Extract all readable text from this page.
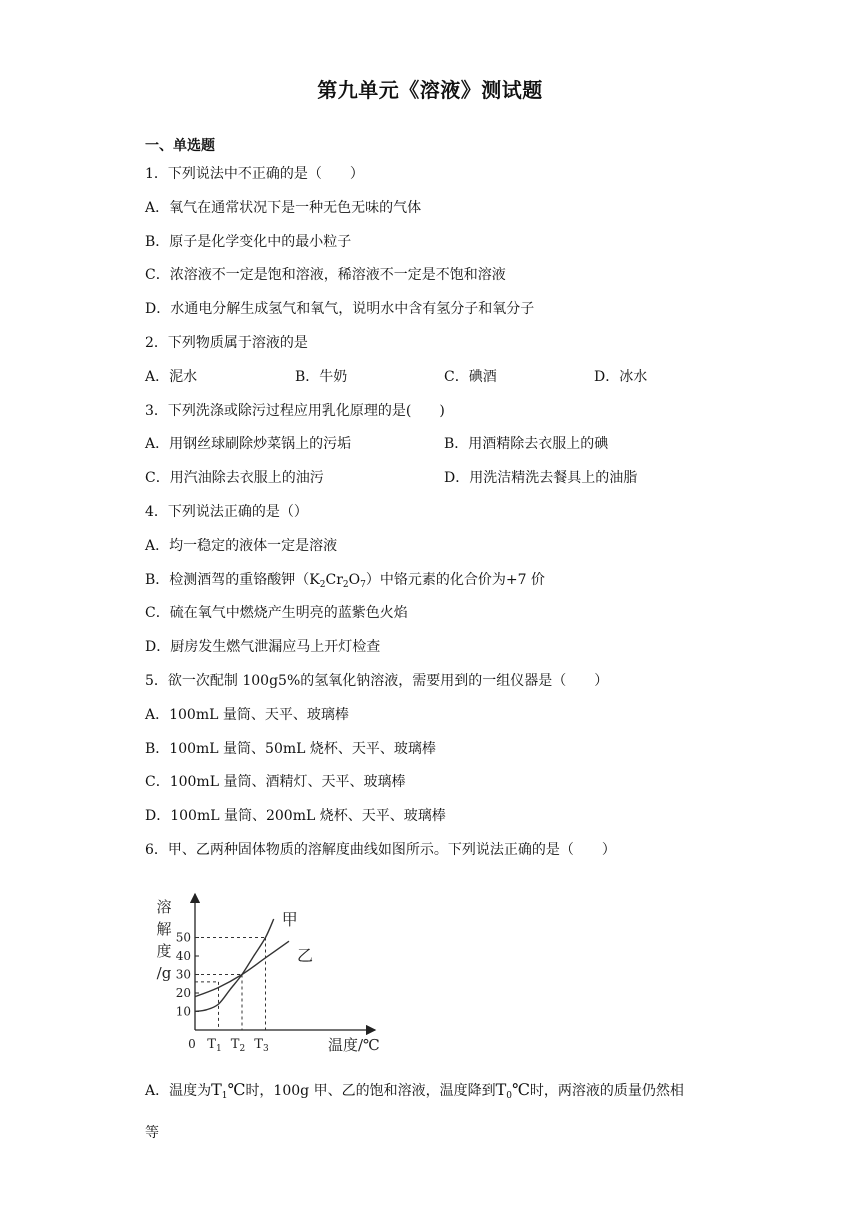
第九单元《溶液》测试题
一、单选题
1．下列说法中不正确的是（　　）
A．氧气在通常状况下是一种无色无味的气体
B．原子是化学变化中的最小粒子
C．浓溶液不一定是饱和溶液，稀溶液不一定是不饱和溶液
D．水通电分解生成氢气和氧气，说明水中含有氢分子和氧分子
2．下列物质属于溶液的是
A．泥水	B．牛奶	C．碘酒	D．冰水
3．下列洗涤或除污过程应用乳化原理的是(　　)
A．用钢丝球刷除炒菜锅上的污垢	B．用酒精除去衣服上的碘
C．用汽油除去衣服上的油污	D．用洗洁精洗去餐具上的油脂
4．下列说法正确的是（）
A．均一稳定的液体一定是溶液
B．检测酒驾的重铬酸钾$(K_2Cr_2O_7)$中铬元素的化合价为+7 价
C．硫在氧气中燃烧产生明亮的蓝紫色火焰
D．厨房发生燃气泄漏应马上开灯检查
5．欲一次配制 100g5%的氢氧化钠溶液，需要用到的一组仪器是（　　）
A．100mL 量筒、天平、玻璃棒
B．100mL 量筒、50mL 烧杯、天平、玻璃棒
C．100mL 量筒、酒精灯、天平、玻璃棒
D．100mL 量筒、200mL 烧杯、天平、玻璃棒
6．甲、乙两种固体物质的溶解度曲线如图所示。下列说法正确的是（　　）
10
20
30
40
50
0 $T_1$ $T_2$ $T_3$
溶
解
度
/g
温度/℃
甲
乙
A．温度为$T_1℃$时，100g 甲、乙的饱和溶液，温度降到$T_0℃$时，两溶液的质量仍然相
等
